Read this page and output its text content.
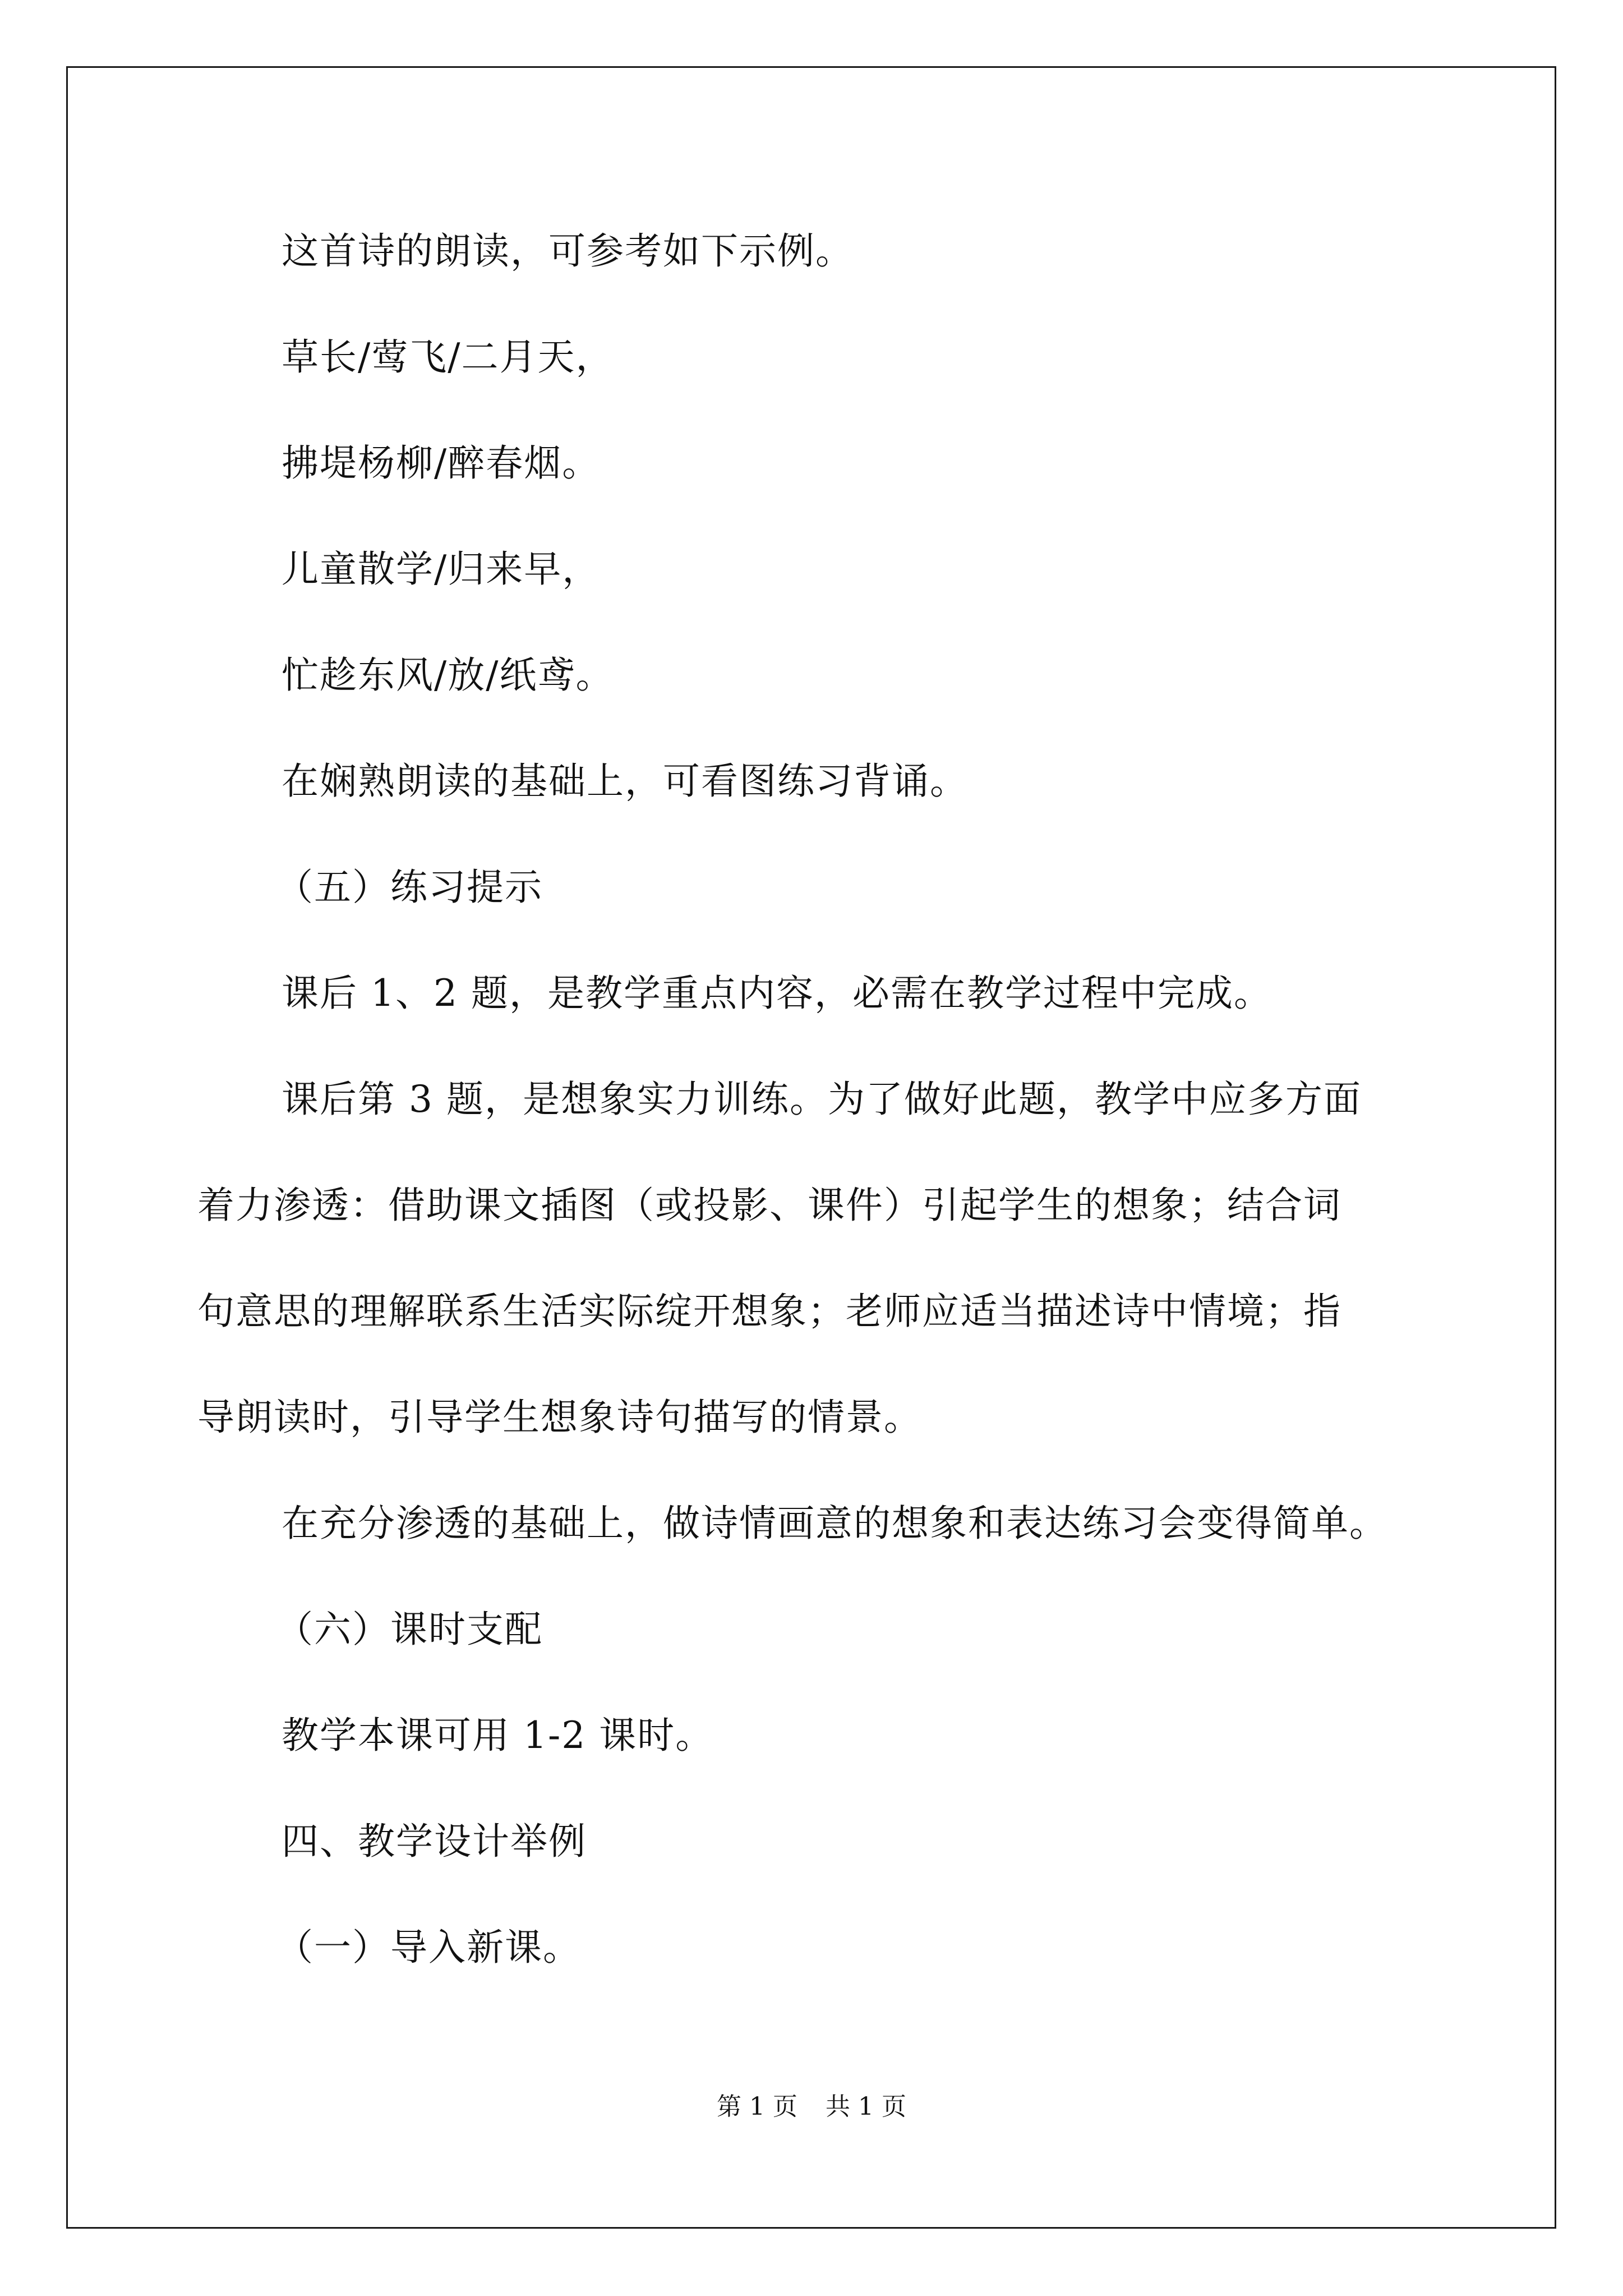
这首诗的朗读，可参考如下示例。
草长/莺飞/二月天，
拂堤杨柳/醉春烟。
儿童散学/归来早，
忙趁东风/放/纸鸢。
在娴熟朗读的基础上，可看图练习背诵。
（五）练习提示
课后 1、2 题，是教学重点内容，必需在教学过程中完成。
课后第 3 题，是想象实力训练。为了做好此题，教学中应多方面
着力渗透：借助课文插图（或投影、课件）引起学生的想象；结合词
句意思的理解联系生活实际绽开想象；老师应适当描述诗中情境；指
导朗读时，引导学生想象诗句描写的情景。
在充分渗透的基础上，做诗情画意的想象和表达练习会变得简单。
（六）课时支配
教学本课可用 1-2 课时。
四、教学设计举例
（一）导入新课。
第 1 页 共 1 页
